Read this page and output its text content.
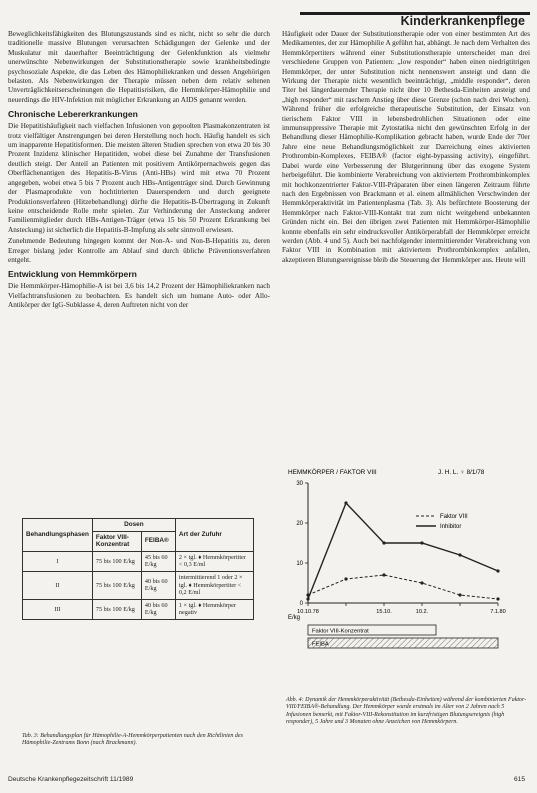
Kinderkrankenpflege

Beweglichkeitsfähigkeiten des Blutungszustands sind es nicht, nicht so sehr die durch traditionelle massive Blutungen verursachten Schädigungen der Gelenke und der Muskulatur mit dauerhafter Beeinträchtigung der Gelenkfunktion als vielmehr unerwünschte Nebenwirkungen der Substitutionstherapie sowie krankheitsbedingte psychosoziale Aspekte, die das Leben des Hämophiliekranken und dessen Angehörigen belasten. Als Nebenwirkungen der Therapie müssen neben dem relativ seltenen Unverträglichkeitserscheinungen die Hepatitisrisiken, die Hemmkörper-Hämophilie und neuerdings die HIV-Infektion mit möglicher Erkrankung an AIDS genannt werden.

Chronische Lebererkrankungen

Die Hepatitishäufigkeit nach vielfachen Infusionen von gepoolten Plasmakonzentraten ist trotz vielfältiger Anstrengungen bei deren Herstellung noch hoch. Häufig handelt es sich um inapparente Hepatitisformen. Die meisten älteren Studien sprechen von etwa 20 bis 30 Prozent Inzidenz klinischer Hepatitiden, wobei diese bei Zunahme der Transfusionen deutlich steigt. Der Anteil an Patienten mit positivem Antikörpernachweis gegen das Oberflächenantigen des Hepatitis-B-Virus (Anti-HBs) wird mit etwa 70 Prozent angegeben, wobei etwa 5 bis 7 Prozent auch HBs-Antigenträger sind. Durch Gewinnung der Plasmaprodukte von hochtitrierten Dauerspendern und durch geeignete Produktionsverfahren (Hitzebehandlung) dürfte die Hepatitis-B-Übertragung in Zukunft keine entscheidende Rolle mehr spielen. Zur Verhinderung der Ansteckung anderer Familienmitglieder durch HBs-Antigen-Träger (etwa 15 bis 50 Prozent Erkrankung bei Ansteckung) ist sicherlich die Hepatitis-B-Impfung als sehr sinnvoll erwiesen.

Zunehmende Bedeutung hingegen kommt der Non-A- und Non-B-Hepatitis zu, deren Erreger bislang jeder Kontrolle am Ablauf sind durch übliche Präventionsverfahren entgeht.

Entwicklung von Hemmkörpern

Die Hemmkörper-Hämophilie-A ist bei 3,6 bis 14,2 Prozent der Hämophiliekranken nach Vielfachtransfusionen zu beobachten. Es handelt sich um humane Auto- oder Allo-Antikörper der IgG-Subklasse 4, deren Auftreten nicht von der

Behandlungsphasen	Dosen		Art der Zufuhr
	Faktor VIII-Konzentrat	FEIBA®	
I	75 bis 100 E/kg	45 bis 60 E/kg	2 × tgl. ♦ Hemmkörpertiter < 0,3 E/ml
II	75 bis 100 E/kg	40 bis 60 E/kg	intermittierend 1 oder 2 × tgl. ♦ Hemmkörpertiter < 0,2 E/ml
III	75 bis 100 E/kg	40 bis 60 E/kg	1 × tgl. ♦ Hemmkörper negativ
Tab. 3: Behandlungsplan für Hämophilie-A-Hemmkörperpatienten nach den Richtlinien des Hämophilie-Zentrums Bonn (nach Brackmann).

Häufigkeit oder Dauer der Substitutionstherapie oder von einer bestimmten Art des Medikamentes, der zur Hämophilie A geführt hat, abhängt. Je nach dem Verhalten des Hemmkörpertiters während einer Substitutionstherapie unterscheidet man drei verschiedene Gruppen von Patienten: „low responder“ haben einen niedrigtitrigen Hemmkörper, der unter Substitution nicht nennenswert ansteigt und dann die Wirkung der Therapie nicht wesentlich beeinträchtigt, „middle responder“, deren Titer bei längerdauernder Therapie nicht über 10 Bethesda-Einheiten ansteigt und „high responder“ mit raschem Anstieg über diese Grenze (schon nach drei Wochen). Während früher die erfolgreiche therapeutische Substitution, der Einsatz von tierischem Faktor VIII in lebensbedrohlichen Situationen oder eine immunsuppressive Therapie mit Zytostatika nicht den gewünschten Erfolg in der Behandlung dieser Hämophilie-Komplikation gebracht haben, wurde Ende der 70er Jahre eine neue Behandlungsmöglichkeit zur Darreichung eines aktivierten Prothrombin-Komplexes, FEIBA® (factor eight-bypassing activity), eingeführt. Dabei wurde eine Verbesserung der Blutgerinnung über das exogene System herbeigeführt. Die kombinierte Verabreichung von aktiviertem Prothrombinkomplex mit hochkonzentrierter Faktor-VIII-Präparaten über einen längeren Zeitraum führte nach den Ergebnissen von Brackmann et al. einem allmählichen Verschwinden der Hemmkörperaktivität im Patientenplasma (Tab. 3). Als befürchtete Boosterung der Hemmkörper nach Faktor-VIII-Kontakt trat zum nicht weitgehend unbekannten Gründen nicht ein. Bei den übrigen zwei Patienten mit Hemmkörper-Hämophilie konnte ebenfalls ein sehr eindrucksvoller Antikörperabfall der Hemmkörper erreicht werden (Abb. 4 und 5). Auch bei nachfolgender intermittierender Verabreichung von Faktor VIII in Kombination mit aktiviertem Prothrombinkomplex anfallen, akzeptieren Blutungsereignisse bleib die Steuerung der Hemmkörper aus. Heute will

HEMMKÖRPER / FAKTOR VIII	J. H. L. ♀ 8/1/78
0
10
20
30
10.10.78	15.10.	10.2.	7.1.80
Faktor VIII
Inhibitor
E/kg
Faktor VIII-Konzentrat
FEIBA
Abb. 4: Dynamik der Hemmkörperaktivität (Bethesda-Einheiten) während der kombinierten Faktor-VIII/FEIBA®-Behandlung. Der Hemmkörper wurde erstmals im Alter von 2 Jahren nach 5 Infusionen bemerkt, mit Faktor-VIII-Rekonstitution im kurzfristigen Blutungsereignis (high responder), 5 Jahre und 3 Monaten ohne Anzeichen von Hemmkörpern.
Deutsche Krankenpflegezeitschrift 11/1989	615
